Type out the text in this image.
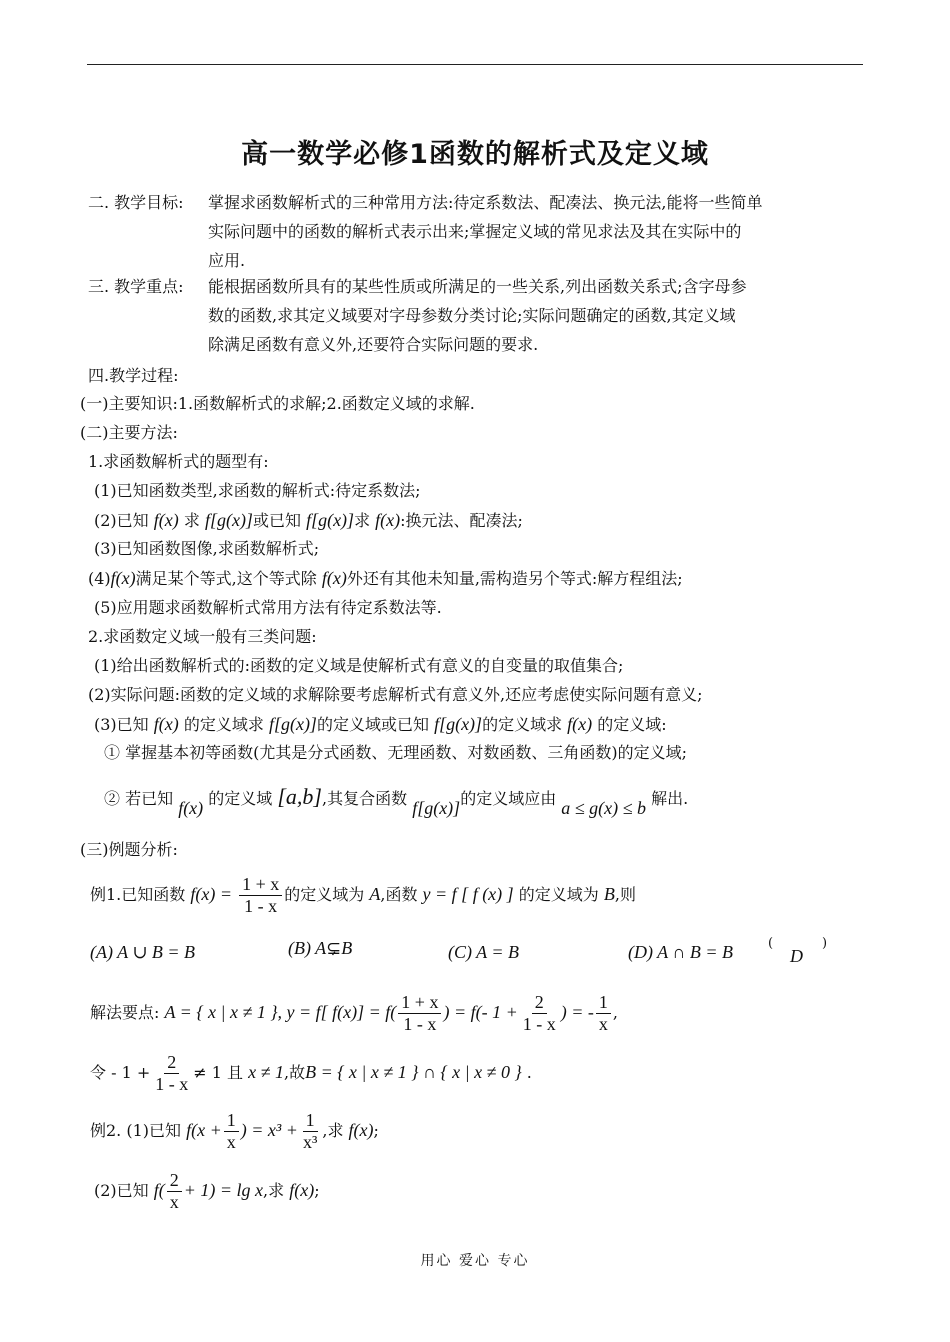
高一数学必修1函数的解析式及定义域
二. 教学目标: 掌握求函数解析式的三种常用方法:待定系数法、配凑法、换元法,能将一些简单
实际问题中的函数的解析式表示出来;掌握定义域的常见求法及其在实际中的
应用.
三. 教学重点: 能根据函数所具有的某些性质或所满足的一些关系,列出函数关系式;含字母参
数的函数,求其定义域要对字母参数分类讨论;实际问题确定的函数,其定义域
除满足函数有意义外,还要符合实际问题的要求.
四.教学过程:
(一)主要知识:1.函数解析式的求解;2.函数定义域的求解.
(二)主要方法:
1.求函数解析式的题型有:
(1)已知函数类型,求函数的解析式:待定系数法;
(2)已知 f(x) 求 f[g(x)]或已知 f[g(x)]求 f(x):换元法、配凑法;
(3)已知函数图像,求函数解析式;
(4)f(x)满足某个等式,这个等式除 f(x)外还有其他未知量,需构造另个等式:解方程组法;
(5)应用题求函数解析式常用方法有待定系数法等.
2.求函数定义域一般有三类问题:
(1)给出函数解析式的:函数的定义域是使解析式有意义的自变量的取值集合;
(2)实际问题:函数的定义域的求解除要考虑解析式有意义外,还应考虑使实际问题有意义;
(3)已知 f(x) 的定义域求 f[g(x)]的定义域或已知 f[g(x)]的定义域求 f(x) 的定义域:
① 掌握基本初等函数(尤其是分式函数、无理函数、对数函数、三角函数)的定义域;
② 若已知 f(x) 的定义域 [a,b],其复合函数 f[g(x)]的定义域应由 a ≤ g(x) ≤ b 解出.
(三)例题分析:
例1.已知函数 $f(x) = \frac{1 + x}{1 - x}$ 的定义域为 A,函数 y = f [ f (x) ] 的定义域为 B,则
(A) A ∪ B = B	(B) A⊊B	(C) A = B	(D) A ∩ B = B	(
D
)
解法要点: A = { x | x ≠ 1 }, y = f[ $f(x)] = f( \frac{1 + x}{1 - x}$ ) = f(- $1 + \frac{2}{1 - x}$ ) = - $\frac{1}{x}$ ,
令 - $1 + \frac{2}{1 - x} \ne 1$ 且 x ≠ 1,故B = { x | x ≠ 1 } ∩ { x | x ≠ 0 } .
例2. (1)已知 $f(x + \frac{1}{x}$ ) = $x^3 + \frac{1}{\text{x³}}$ ,求 f(x);
(2)已知 $f( \frac{2}{x} + 1) = \lg x$,求 f(x);
用心 爱心 专心
